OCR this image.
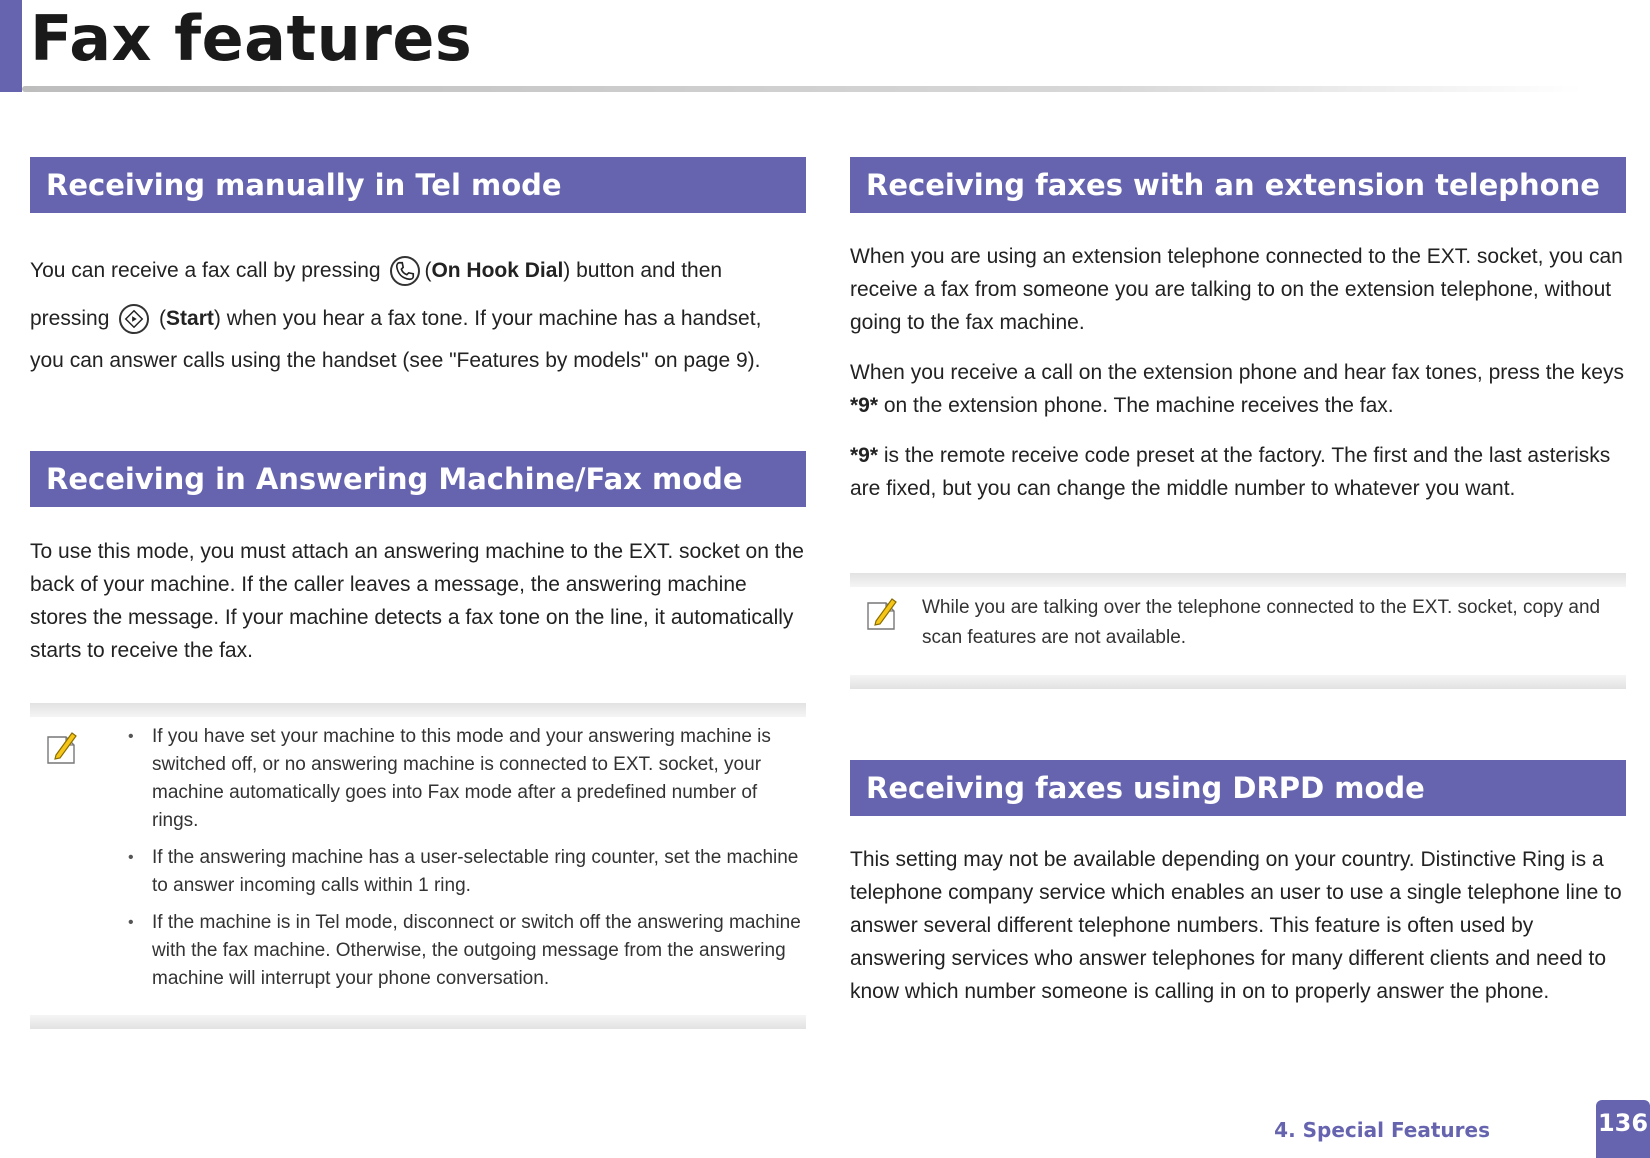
Fax features
Receiving manually in Tel mode

You can receive a fax call by pressing (On Hook Dial) button and then

pressing  (Start) when you hear a fax tone. If your machine has a handset,

you can answer calls using the handset (see "Features by models" on page 9).

Receiving in Answering Machine/Fax mode

To use this mode, you must attach an answering machine to the EXT. socket on the back of your machine. If the caller leaves a message, the answering machine stores the message. If your machine detects a fax tone on the line, it automatically starts to receive the fax.

• If you have set your machine to this mode and your answering machine is switched off, or no answering machine is connected to EXT. socket, your machine automatically goes into Fax mode after a predefined number of rings.
• If the answering machine has a user-selectable ring counter, set the machine to answer incoming calls within 1 ring.
• If the machine is in Tel mode, disconnect or switch off the answering machine with the fax machine. Otherwise, the outgoing message from the answering machine will interrupt your phone conversation.
Receiving faxes with an extension telephone

When you are using an extension telephone connected to the EXT. socket, you can receive a fax from someone you are talking to on the extension telephone, without going to the fax machine.

When you receive a call on the extension phone and hear fax tones, press the keys *9* on the extension phone. The machine receives the fax.

*9* is the remote receive code preset at the factory. The first and the last asterisks are fixed, but you can change the middle number to whatever you want.

While you are talking over the telephone connected to the EXT. socket, copy and scan features are not available.

Receiving faxes using DRPD mode

This setting may not be available depending on your country. Distinctive Ring is a telephone company service which enables an user to use a single telephone line to answer several different telephone numbers. This feature is often used by answering services who answer telephones for many different clients and need to know which number someone is calling in on to properly answer the phone.

4. Special Features	136
